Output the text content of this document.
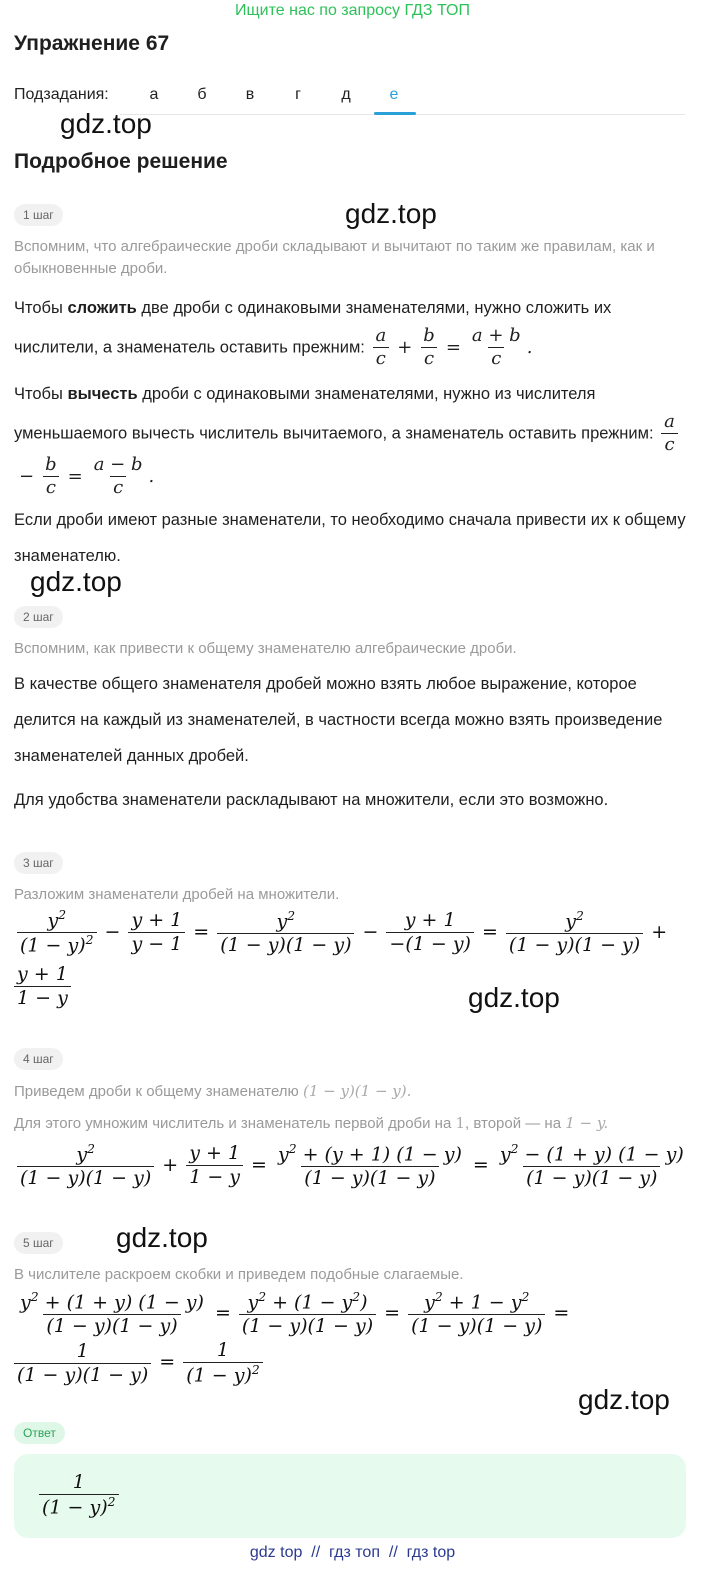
Ищите нас по запросу ГДЗ ТОП
Упражнение 67
Подзадания:	а	б	в	г	д	е
gdz.top
Подробное решение
1 шаг	gdz.top
Вспомним, что алгебраические дроби складывают и вычитают по таким же правилам, как и обыкновенные дроби.
Чтобы сложить две дроби с одинаковыми знаменателями, нужно сложить их числители, а знаменатель оставить прежним: $\frac{a}{c} + \frac{b}{c} = \frac{a + b}{c}$ .
Чтобы вычесть дроби с одинаковыми знаменателями, нужно из числителя уменьшаемого вычесть числитель вычитаемого, а знаменатель оставить прежним: $\frac{a}{c}$
− $\frac{b}{c} = \frac{a - b}{c}$ .
Если дроби имеют разные знаменатели, то необходимо сначала привести их к общему знаменателю.
gdz.top
2 шаг
Вспомним, как привести к общему знаменателю алгебраические дроби.
В качестве общего знаменателя дробей можно взять любое выражение, которое делится на каждый из знаменателей, в частности всегда можно взять произведение знаменателей данных дробей.
Для удобства знаменатели раскладывают на множители, если это возможно.
3 шаг
Разложим знаменатели дробей на множители.
$\frac{y^2}{(1 - y)^2} - \frac{y + 1}{y - 1} = \frac{y^2}{(1 - y)(1 - y)} - \frac{y + 1}{-(1 - y)} = \frac{y^2}{(1 - y)(1 - y)}$ +
$\frac{y + 1}{1 - y}$	gdz.top
4 шаг
Приведем дроби к общему знаменателю (1 − y)(1 − y).
Для этого умножим числитель и знаменатель первой дроби на 1, второй — на 1 − y.
$\frac{y^2}{(1 - y)(1 - y)} + \frac{y + 1}{1 - y} = \frac{y^2 + (y + 1) (1 - y)}{(1 - y)(1 - y)} = \frac{y^2 - (1 + y) (1 - y)}{(1 - y)(1 - y)}$
5 шаг	gdz.top
В числителе раскроем скобки и приведем подобные слагаемые.
$\frac{y^2 + (1 + y) (1 - y)}{(1 - y)(1 - y)} = \frac{y^2 + (1 - y^2)}{(1 - y)(1 - y)} = \frac{y^2 + 1 - y^2}{(1 - y)(1 - y)}$ =
$\frac{1}{(1 - y)(1 - y)} = \frac{1}{(1 - y)^2}$
gdz.top
Ответ
$\frac{1}{(1 - y)^2}$
gdz top  //  гдз топ  //  гдз top
